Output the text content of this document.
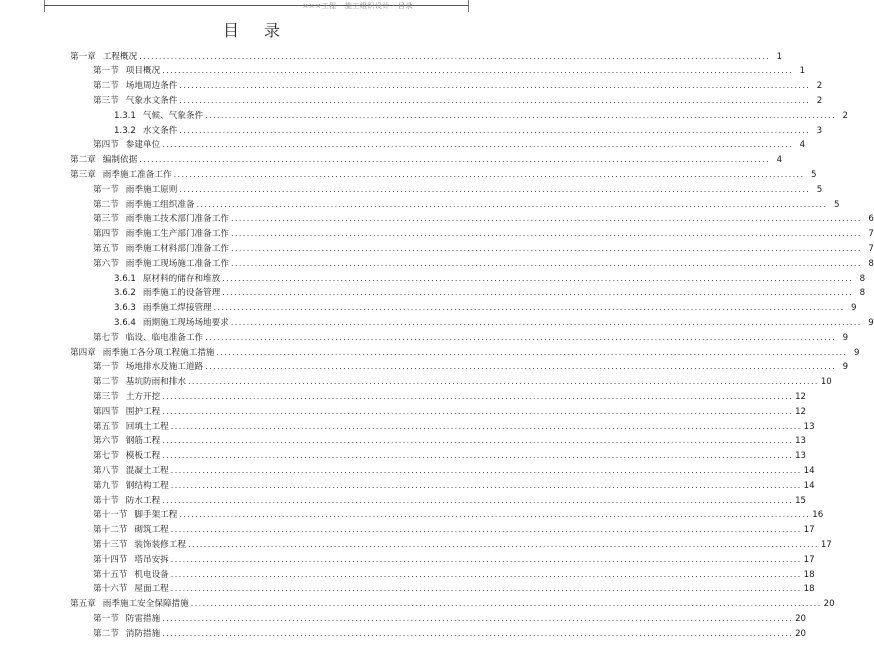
×××工程 · 施工组织设计 · 目录
目 录
第一章 工程概况 ................................................................................................................................................................ 1
第一节 项目概况 ................................................................................................................................................................ 1
第二节 场地周边条件 ................................................................................................................................................................ 2
第三节 气象水文条件 ................................................................................................................................................................ 2
1.3.1 气候、气象条件 ................................................................................................................................................................ 2
1.3.2 水文条件 ................................................................................................................................................................ 3
第四节 参建单位 ................................................................................................................................................................ 4
第二章 编制依据 ................................................................................................................................................................ 4
第三章 雨季施工准备工作 ................................................................................................................................................................ 5
第一节 雨季施工原则 ................................................................................................................................................................ 5
第二节 雨季施工组织准备 ................................................................................................................................................................ 5
第三节 雨季施工技术部门准备工作 ................................................................................................................................................................ 6
第四节 雨季施工生产部门准备工作 ................................................................................................................................................................ 7
第五节 雨季施工材料部门准备工作 ................................................................................................................................................................ 7
第六节 雨季施工现场施工准备工作 ................................................................................................................................................................ 8
3.6.1 原材料的储存和堆放 ................................................................................................................................................................ 8
3.6.2 雨季施工的设备管理 ................................................................................................................................................................ 8
3.6.3 雨季施工焊接管理 ................................................................................................................................................................ 9
3.6.4 雨期施工现场场地要求 ................................................................................................................................................................ 9
第七节 临设、临电准备工作 ................................................................................................................................................................ 9
第四章 雨季施工各分项工程施工措施 ................................................................................................................................................................ 9
第一节 场地排水及施工道路 ................................................................................................................................................................ 9
第二节 基坑防雨和排水 ................................................................................................................................................................ 10
第三节 土方开挖 ................................................................................................................................................................ 12
第四节 围护工程 ................................................................................................................................................................ 12
第五节 回填土工程 ................................................................................................................................................................ 13
第六节 钢筋工程 ................................................................................................................................................................ 13
第七节 模板工程 ................................................................................................................................................................ 13
第八节 混凝土工程 ................................................................................................................................................................ 14
第九节 钢结构工程 ................................................................................................................................................................ 14
第十节 防水工程 ................................................................................................................................................................ 15
第十一节 脚手架工程 ................................................................................................................................................................ 16
第十二节 砌筑工程 ................................................................................................................................................................ 17
第十三节 装饰装修工程 ................................................................................................................................................................ 17
第十四节 塔吊安拆 ................................................................................................................................................................ 17
第十五节 机电设备 ................................................................................................................................................................ 18
第十六节 屋面工程 ................................................................................................................................................................ 18
第五章 雨季施工安全保障措施 ................................................................................................................................................................ 20
第一节 防雷措施 ................................................................................................................................................................ 20
第二节 消防措施 ................................................................................................................................................................ 20
